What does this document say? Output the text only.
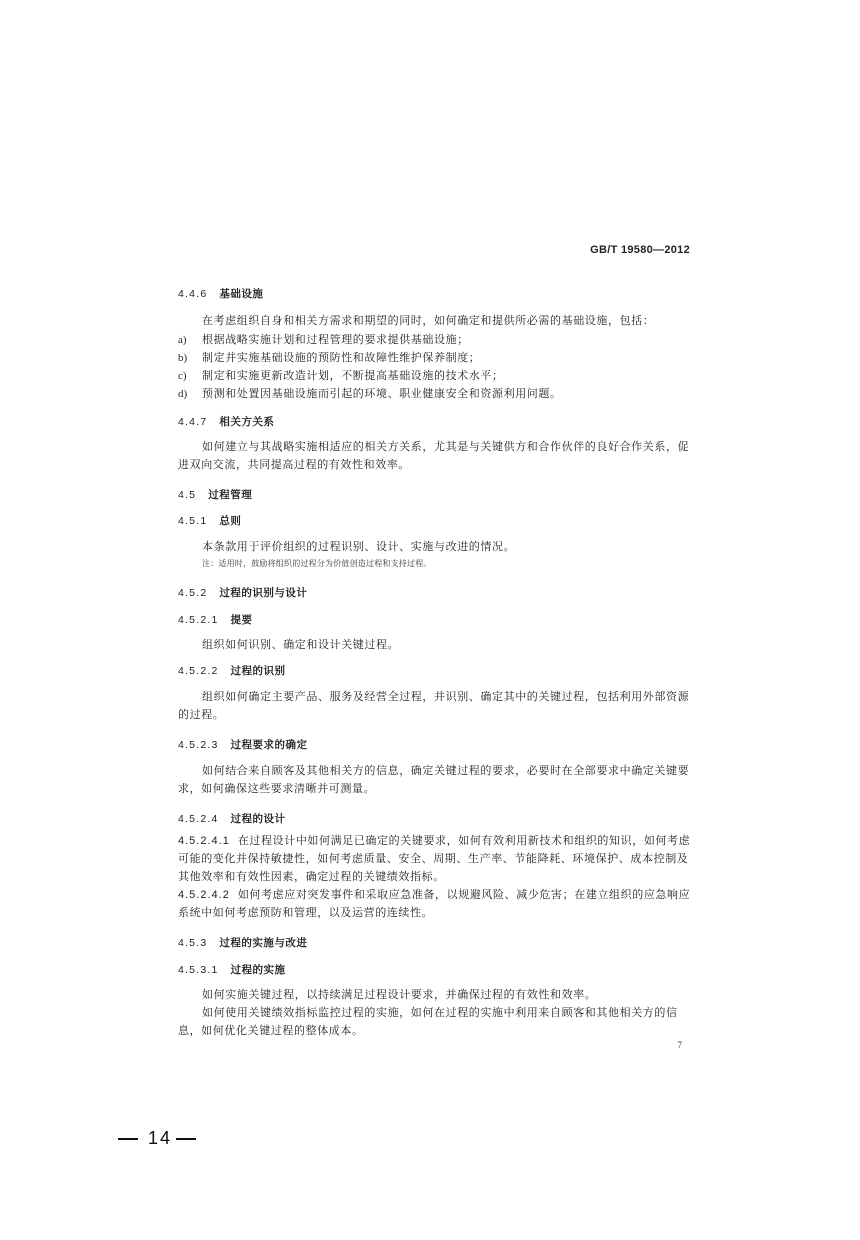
GB/T 19580—2012
4.4.6 基础设施
在考虑组织自身和相关方需求和期望的同时，如何确定和提供所必需的基础设施，包括：
a) 根据战略实施计划和过程管理的要求提供基础设施；
b) 制定并实施基础设施的预防性和故障性维护保养制度；
c) 制定和实施更新改造计划，不断提高基础设施的技术水平；
d) 预测和处置因基础设施而引起的环境、职业健康安全和资源利用问题。
4.4.7 相关方关系
如何建立与其战略实施相适应的相关方关系，尤其是与关键供方和合作伙伴的良好合作关系，促进双向交流，共同提高过程的有效性和效率。
4.5 过程管理
4.5.1 总则
本条款用于评价组织的过程识别、设计、实施与改进的情况。
注：适用时，鼓励将组织的过程分为价值创造过程和支持过程。
4.5.2 过程的识别与设计
4.5.2.1 提要
组织如何识别、确定和设计关键过程。
4.5.2.2 过程的识别
组织如何确定主要产品、服务及经营全过程，并识别、确定其中的关键过程，包括利用外部资源的过程。
4.5.2.3 过程要求的确定
如何结合来自顾客及其他相关方的信息，确定关键过程的要求，必要时在全部要求中确定关键要求，如何确保这些要求清晰并可测量。
4.5.2.4 过程的设计
4.5.2.4.1 在过程设计中如何满足已确定的关键要求，如何有效利用新技术和组织的知识，如何考虑可能的变化并保持敏捷性，如何考虑质量、安全、周期、生产率、节能降耗、环境保护、成本控制及其他效率和有效性因素，确定过程的关键绩效指标。
4.5.2.4.2 如何考虑应对突发事件和采取应急准备，以规避风险、减少危害；在建立组织的应急响应系统中如何考虑预防和管理，以及运营的连续性。
4.5.3 过程的实施与改进
4.5.3.1 过程的实施
如何实施关键过程，以持续满足过程设计要求，并确保过程的有效性和效率。
如何使用关键绩效指标监控过程的实施，如何在过程的实施中利用来自顾客和其他相关方的信息，如何优化关键过程的整体成本。
7
14
